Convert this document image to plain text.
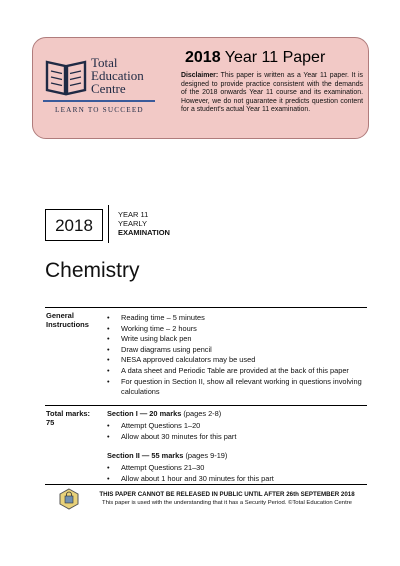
Total
Education
Centre
LEARN TO SUCCEED
2018 Year 11 Paper
Disclaimer: This paper is written as a Year 11 paper. It is designed to provide practice consistent with the demands of the 2018 onwards Year 11 course and its examination. However, we do not guarantee it predicts question content for a student's actual Year 11 examination.
2018
YEAR 11
YEARLY
EXAMINATION
Chemistry
General Instructions
• Reading time – 5 minutes
• Working time – 2 hours
• Write using black pen
• Draw diagrams using pencil
• NESA approved calculators may be used
• A data sheet and Periodic Table are provided at the back of this paper
• For question in Section II, show all relevant working in questions involving calculations
Total marks:
75
Section I — 20 marks (pages 2-8)
• Attempt Questions 1–20
• Allow about 30 minutes for this part
Section II — 55 marks (pages 9-19)
• Attempt Questions 21–30
• Allow about 1 hour and 30 minutes for this part
THIS PAPER CANNOT BE RELEASED IN PUBLIC UNTIL AFTER 26th SEPTEMBER 2018
This paper is used with the understanding that it has a Security Period. ©Total Education Centre
